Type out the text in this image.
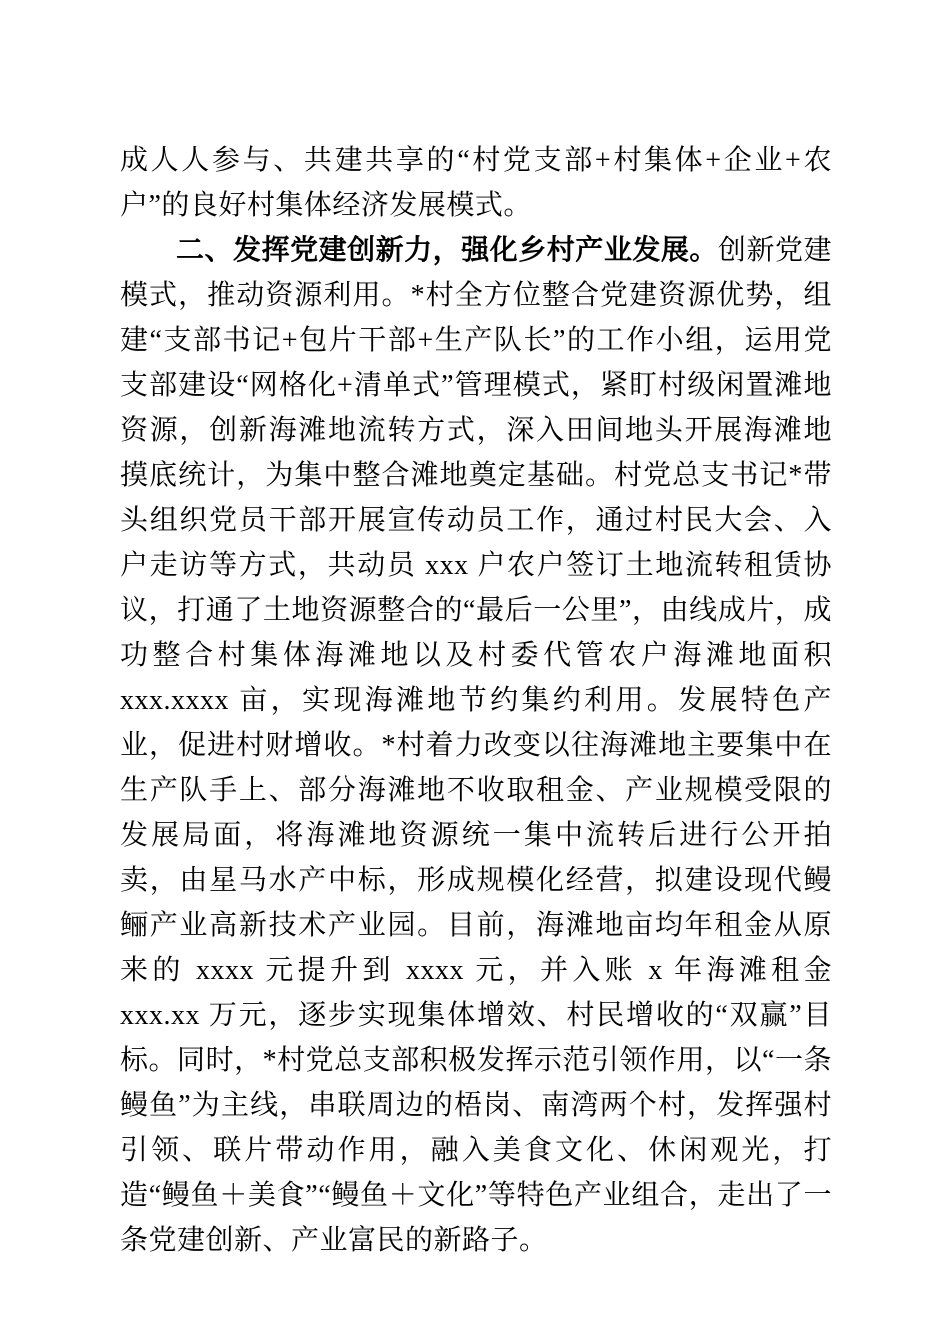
成人人参与、共建共享的“村党支部+村集体+企业+农户”的良好村集体经济发展模式。

二、发挥党建创新力，强化乡村产业发展。创新党建模式，推动资源利用。*村全方位整合党建资源优势，组建“支部书记+包片干部+生产队长”的工作小组，运用党支部建设“网格化+清单式”管理模式，紧盯村级闲置滩地资源，创新海滩地流转方式，深入田间地头开展海滩地摸底统计，为集中整合滩地奠定基础。村党总支书记*带头组织党员干部开展宣传动员工作，通过村民大会、入户走访等方式，共动员 xxx 户农户签订土地流转租赁协议，打通了土地资源整合的“最后一公里”，由线成片，成功整合村集体海滩地以及村委代管农户海滩地面积 xxx.xxxx 亩，实现海滩地节约集约利用。发展特色产业，促进村财增收。*村着力改变以往海滩地主要集中在生产队手上、部分海滩地不收取租金、产业规模受限的发展局面，将海滩地资源统一集中流转后进行公开拍卖，由星马水产中标，形成规模化经营，拟建设现代鳗鲡产业高新技术产业园。目前，海滩地亩均年租金从原来的 xxxx 元提升到 xxxx 元，并入账 x 年海滩租金 xxx.xx 万元，逐步实现集体增效、村民增收的“双赢”目标。同时，*村党总支部积极发挥示范引领作用，以“一条鳗鱼”为主线，串联周边的梧岗、南湾两个村，发挥强村引领、联片带动作用，融入美食文化、休闲观光，打造“鳗鱼＋美食”“鳗鱼＋文化”等特色产业组合，走出了一条党建创新、产业富民的新路子。
